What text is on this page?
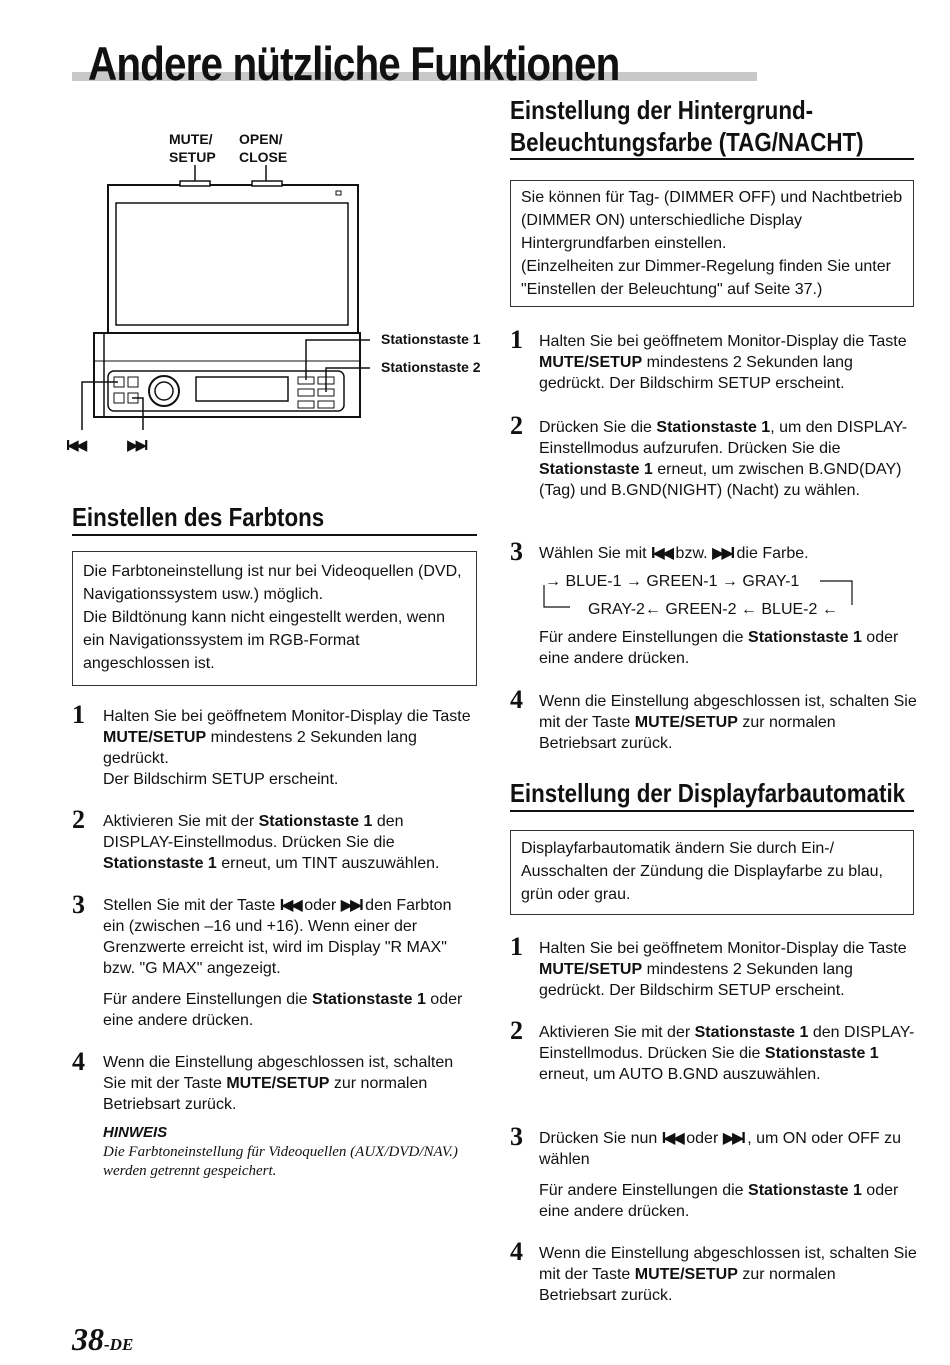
Andere nützliche Funktionen
MUTE/
SETUP
OPEN/
CLOSE
Stationstaste 1
Stationstaste 2
I◀◀	▶▶I
Einstellen des Farbtons
Die Farbtoneinstellung ist nur bei Videoquellen (DVD, Navigationssystem usw.) möglich.
Die Bildtönung kann nicht eingestellt werden, wenn ein Navigationssystem im RGB-Format angeschlossen ist.
1 Halten Sie bei geöffnetem Monitor-Display die Taste MUTE/SETUP mindestens 2 Sekunden lang gedrückt.
Der Bildschirm SETUP erscheint.
2 Aktivieren Sie mit der Stationstaste 1 den DISPLAY-Einstellmodus. Drücken Sie die Stationstaste 1 erneut, um TINT auszuwählen.
3 Stellen Sie mit der Taste I◀◀ oder ▶▶I den Farbton ein (zwischen –16 und +16). Wenn einer der Grenzwerte erreicht ist, wird im Display "R MAX" bzw. "G MAX" angezeigt.
Für andere Einstellungen die Stationstaste 1 oder eine andere drücken.
4 Wenn die Einstellung abgeschlossen ist, schalten Sie mit der Taste MUTE/SETUP zur normalen Betriebsart zurück.
HINWEIS
Die Farbtoneinstellung für Videoquellen (AUX/DVD/NAV.) werden getrennt gespeichert.
Einstellung der Hintergrund-
Beleuchtungsfarbe (TAG/NACHT)
Sie können für Tag- (DIMMER OFF) und Nachtbetrieb (DIMMER ON) unterschiedliche Display Hintergrundfarben einstellen.
(Einzelheiten zur Dimmer-Regelung finden Sie unter "Einstellen der Beleuchtung" auf Seite 37.)
1 Halten Sie bei geöffnetem Monitor-Display die Taste MUTE/SETUP mindestens 2 Sekunden lang gedrückt. Der Bildschirm SETUP erscheint.
2 Drücken Sie die Stationstaste 1, um den DISPLAY-Einstellmodus aufzurufen. Drücken Sie die Stationstaste 1 erneut, um zwischen B.GND(DAY) (Tag) und B.GND(NIGHT) (Nacht) zu wählen.
3 Wählen Sie mit I◀◀ bzw. ▶▶I die Farbe.
→ BLUE-1 → GREEN-1 → GRAY-1
GRAY-2← GREEN-2 ← BLUE-2 ←
Für andere Einstellungen die Stationstaste 1 oder eine andere drücken.
4 Wenn die Einstellung abgeschlossen ist, schalten Sie mit der Taste MUTE/SETUP zur normalen Betriebsart zurück.
Einstellung der Displayfarbautomatik
Displayfarbautomatik ändern Sie durch Ein-/ Ausschalten der Zündung die Displayfarbe zu blau, grün oder grau.
1 Halten Sie bei geöffnetem Monitor-Display die Taste MUTE/SETUP mindestens 2 Sekunden lang gedrückt. Der Bildschirm SETUP erscheint.
2 Aktivieren Sie mit der Stationstaste 1 den DISPLAY-Einstellmodus. Drücken Sie die Stationstaste 1 erneut, um AUTO B.GND auszuwählen.
3 Drücken Sie nun I◀◀ oder ▶▶I , um ON oder OFF zu wählen
Für andere Einstellungen die Stationstaste 1 oder eine andere drücken.
4 Wenn die Einstellung abgeschlossen ist, schalten Sie mit der Taste MUTE/SETUP zur normalen Betriebsart zurück.
38-DE
